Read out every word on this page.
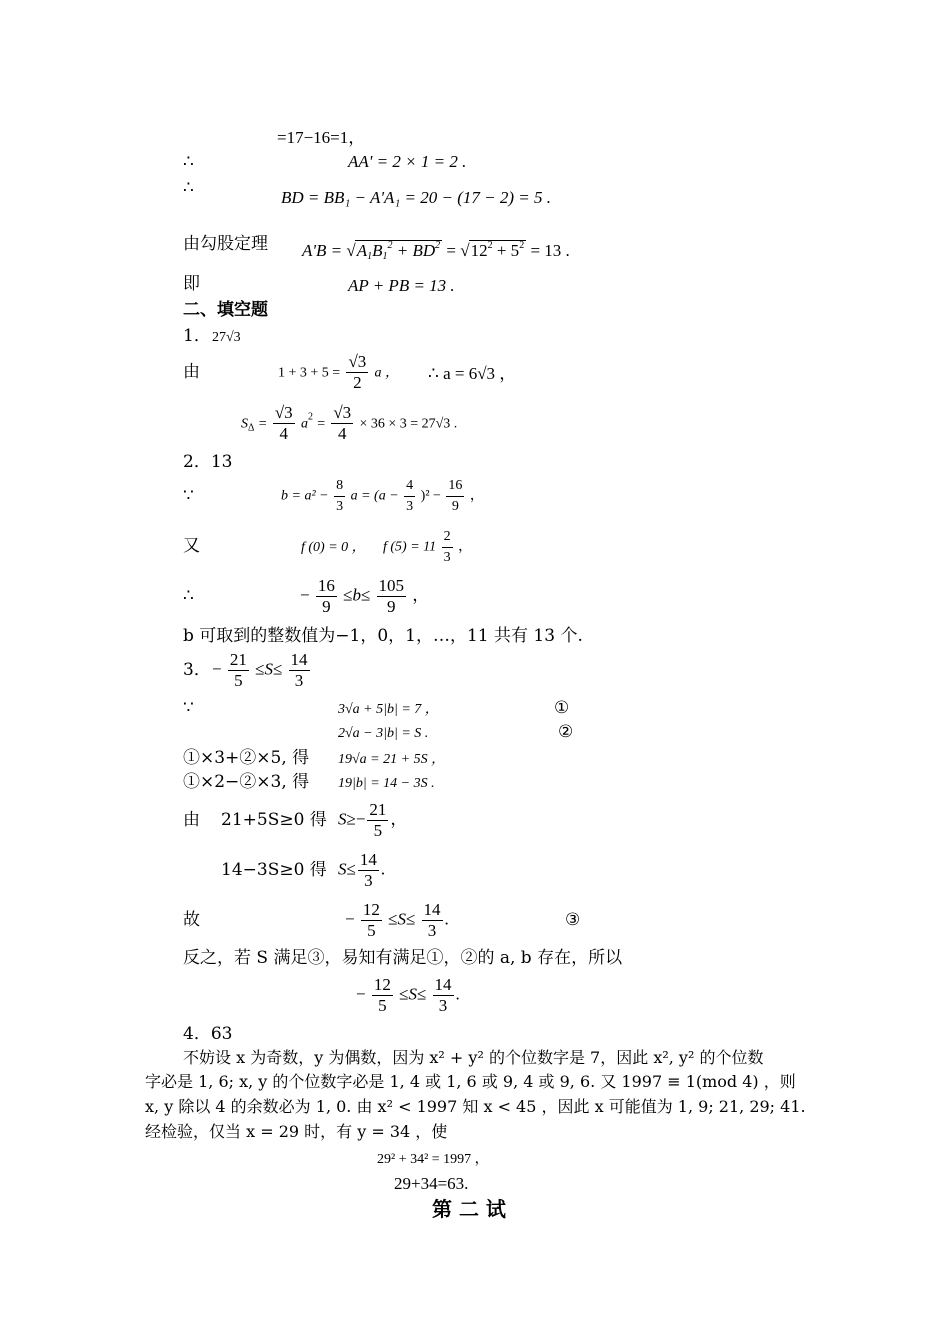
=17−16=1，
∴	AA' = 2 × 1 = 2 .
∴	BD = BB₁ − A'A₁ = 20 − (17 − 2) = 5 .
由勾股定理 $A'B = √A_1B_1^2 + BD^2 = √12^2 + 5^2 = 13$ .
即	AP + PB = 13 .
二、填空题
1． 27√3
由	$1 + 3 + 5 = \frac{√3}{2}$ a ， ∴ a = 6√3 ，
$S_\Delta = \frac{√3}{4} a^2 = \frac{√3}{4} \times 36 \times 3 = 27√3$ .
2．13
∵	$b = a^2 - \frac{8}{3}$ $a = (a - \frac{4}{3} )^2 - \frac{16}{9}$ ，
又	f (0) = 0 ， f $(5) = 11 \frac{2}{3}$ ，
∴	− $\frac{16}{9} \le b\le \frac{105}{9}$ ，
b 可取到的整数值为−1，0，1，…，11 共有 13 个.
3． − $\frac{21}{5} \le S\le \frac{14}{3}$
∵	3√a + 5|b| = 7 ，	①
2√a − 3|b| = S .	②
①×3+②×5, 得 19√a = 21 + 5S ，
①×2−②×3, 得 19|b| = 14 − 3S .
由 21+5S≥0 得 $S\ge- \frac{21}{5}$ ，
14−3S≥0 得 $S\le \frac{14}{3}$ .
故	− $\frac{12}{5} \le S\le \frac{14}{3}$ .	③
反之，若 S 满足③，易知有满足①，②的 a, b 存在，所以
− $\frac{12}{5} \le S\le \frac{14}{3}$ .
4．63
不妨设 x 为奇数，y 为偶数，因为 x² + y² 的个位数字是 7，因此 x², y² 的个位数
字必是 1, 6; x, y 的个位数字必是 1, 4 或 1, 6 或 9, 4 或 9, 6. 又 1997 ≡ 1(mod 4) ，则
x, y 除以 4 的余数必为 1, 0. 由 x² < 1997 知 x < 45 ，因此 x 可能值为 1, 9; 21, 29; 41.
经检验，仅当 x = 29 时，有 y = 34 ，使
29² + 34² = 1997 ，
29+34=63.
第 二 试
